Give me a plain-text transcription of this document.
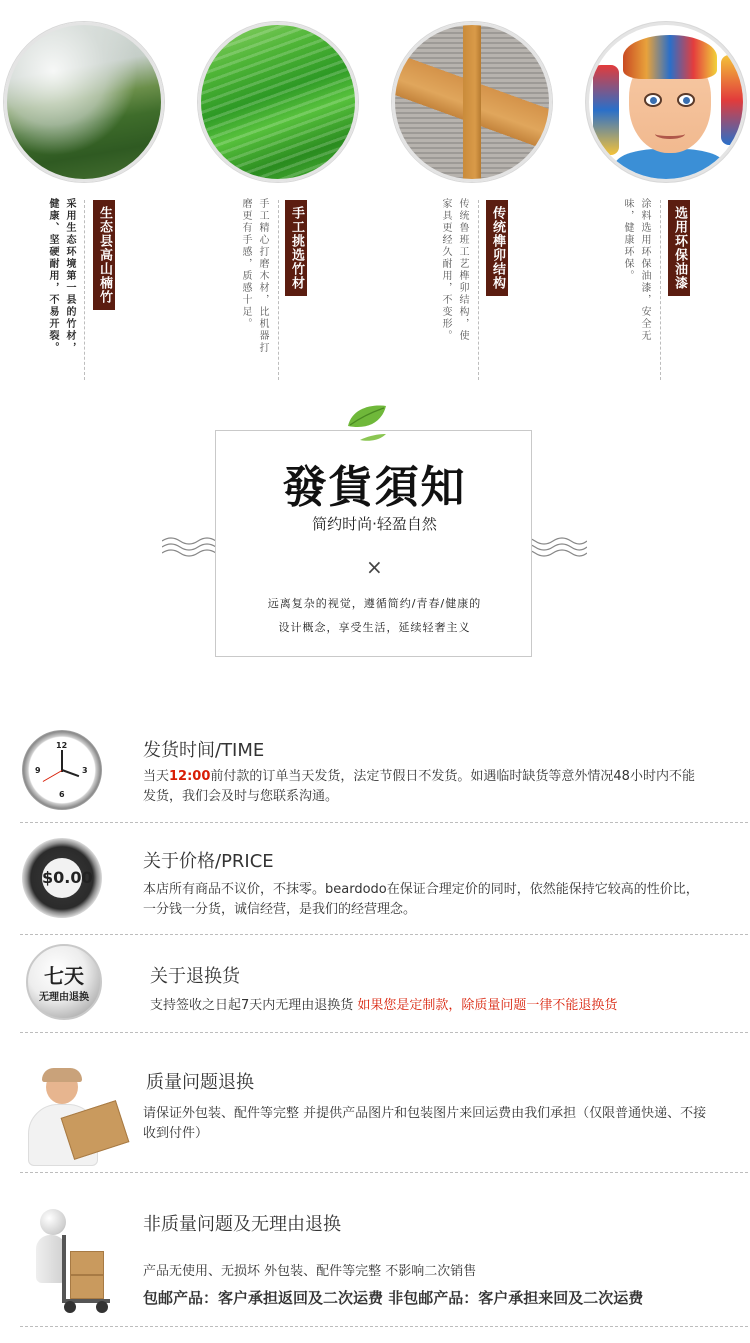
生态县高山楠竹
采用生态环境第一县的竹材，
健康、坚硬耐用，不易开裂。	手工挑选竹材
手工精心打磨木材，比机器打
磨更有手感，质感十足。	传统榫卯结构
传统鲁班工艺榫卯结构，使
家具更经久耐用，不变形。	选用环保油漆
涂料选用环保油漆，安全无
味，健康环保。
發貨須知
简约时尚·轻盈自然
×
远离复杂的视觉，遵循简约/青春/健康的
设计概念，享受生活，延续轻奢主义
12
3
6
9
发货时间/TIME
当天12:00前付款的订单当天发货，法定节假日不发货。如遇临时缺货等意外情况48小时内不能发货，我们会及时与您联系沟通。
$0.00
关于价格/PRICE
本店所有商品不议价，不抹零。beardodo在保证合理定价的同时，依然能保持它较高的性价比，一分钱一分货，诚信经营，是我们的经营理念。
七天
无理由退换
关于退换货
支持签收之日起7天内无理由退换货 如果您是定制款，除质量问题一律不能退换货
质量问题退换
请保证外包装、配件等完整 并提供产品图片和包装图片来回运费由我们承担（仅限普通快递、不接收到付件）
非质量问题及无理由退换
产品无使用、无损坏 外包装、配件等完整 不影响二次销售
包邮产品：客户承担返回及二次运费 非包邮产品：客户承担来回及二次运费
